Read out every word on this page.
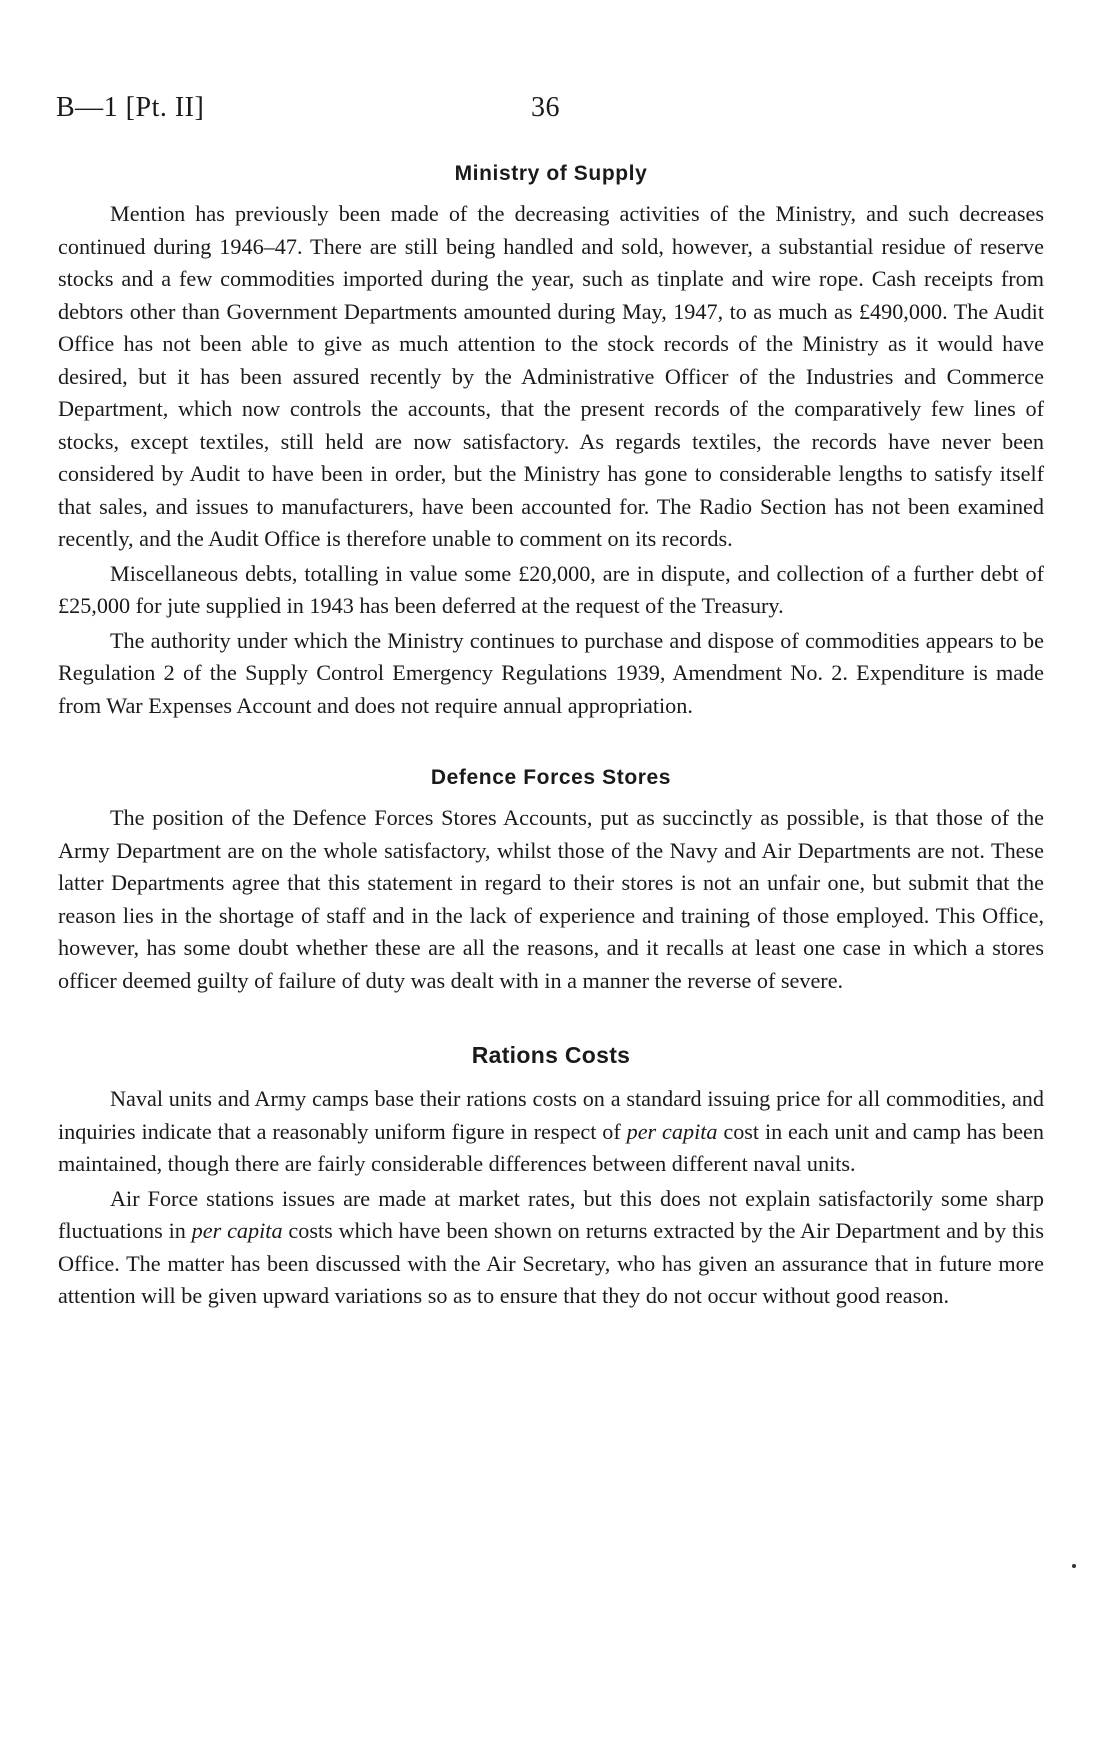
B—1 [Pt. II]	36
Ministry of Supply

Mention has previously been made of the decreasing activities of the Ministry, and such decreases continued during 1946–47. There are still being handled and sold, however, a substantial residue of reserve stocks and a few commodities imported during the year, such as tinplate and wire rope. Cash receipts from debtors other than Government Departments amounted during May, 1947, to as much as £490,000. The Audit Office has not been able to give as much attention to the stock records of the Ministry as it would have desired, but it has been assured recently by the Administrative Officer of the Industries and Commerce Department, which now controls the accounts, that the present records of the comparatively few lines of stocks, except textiles, still held are now satisfactory. As regards textiles, the records have never been considered by Audit to have been in order, but the Ministry has gone to considerable lengths to satisfy itself that sales, and issues to manufacturers, have been accounted for. The Radio Section has not been examined recently, and the Audit Office is therefore unable to comment on its records.

Miscellaneous debts, totalling in value some £20,000, are in dispute, and collection of a further debt of £25,000 for jute supplied in 1943 has been deferred at the request of the Treasury.

The authority under which the Ministry continues to purchase and dispose of commodities appears to be Regulation 2 of the Supply Control Emergency Regulations 1939, Amendment No. 2. Expenditure is made from War Expenses Account and does not require annual appropriation.

Defence Forces Stores

The position of the Defence Forces Stores Accounts, put as succinctly as possible, is that those of the Army Department are on the whole satisfactory, whilst those of the Navy and Air Departments are not. These latter Departments agree that this statement in regard to their stores is not an unfair one, but submit that the reason lies in the shortage of staff and in the lack of experience and training of those employed. This Office, however, has some doubt whether these are all the reasons, and it recalls at least one case in which a stores officer deemed guilty of failure of duty was dealt with in a manner the reverse of severe.

Rations Costs

Naval units and Army camps base their rations costs on a standard issuing price for all commodities, and inquiries indicate that a reasonably uniform figure in respect of per capita cost in each unit and camp has been maintained, though there are fairly considerable differences between different naval units.

Air Force stations issues are made at market rates, but this does not explain satisfactorily some sharp fluctuations in per capita costs which have been shown on returns extracted by the Air Department and by this Office. The matter has been discussed with the Air Secretary, who has given an assurance that in future more attention will be given upward variations so as to ensure that they do not occur without good reason.
